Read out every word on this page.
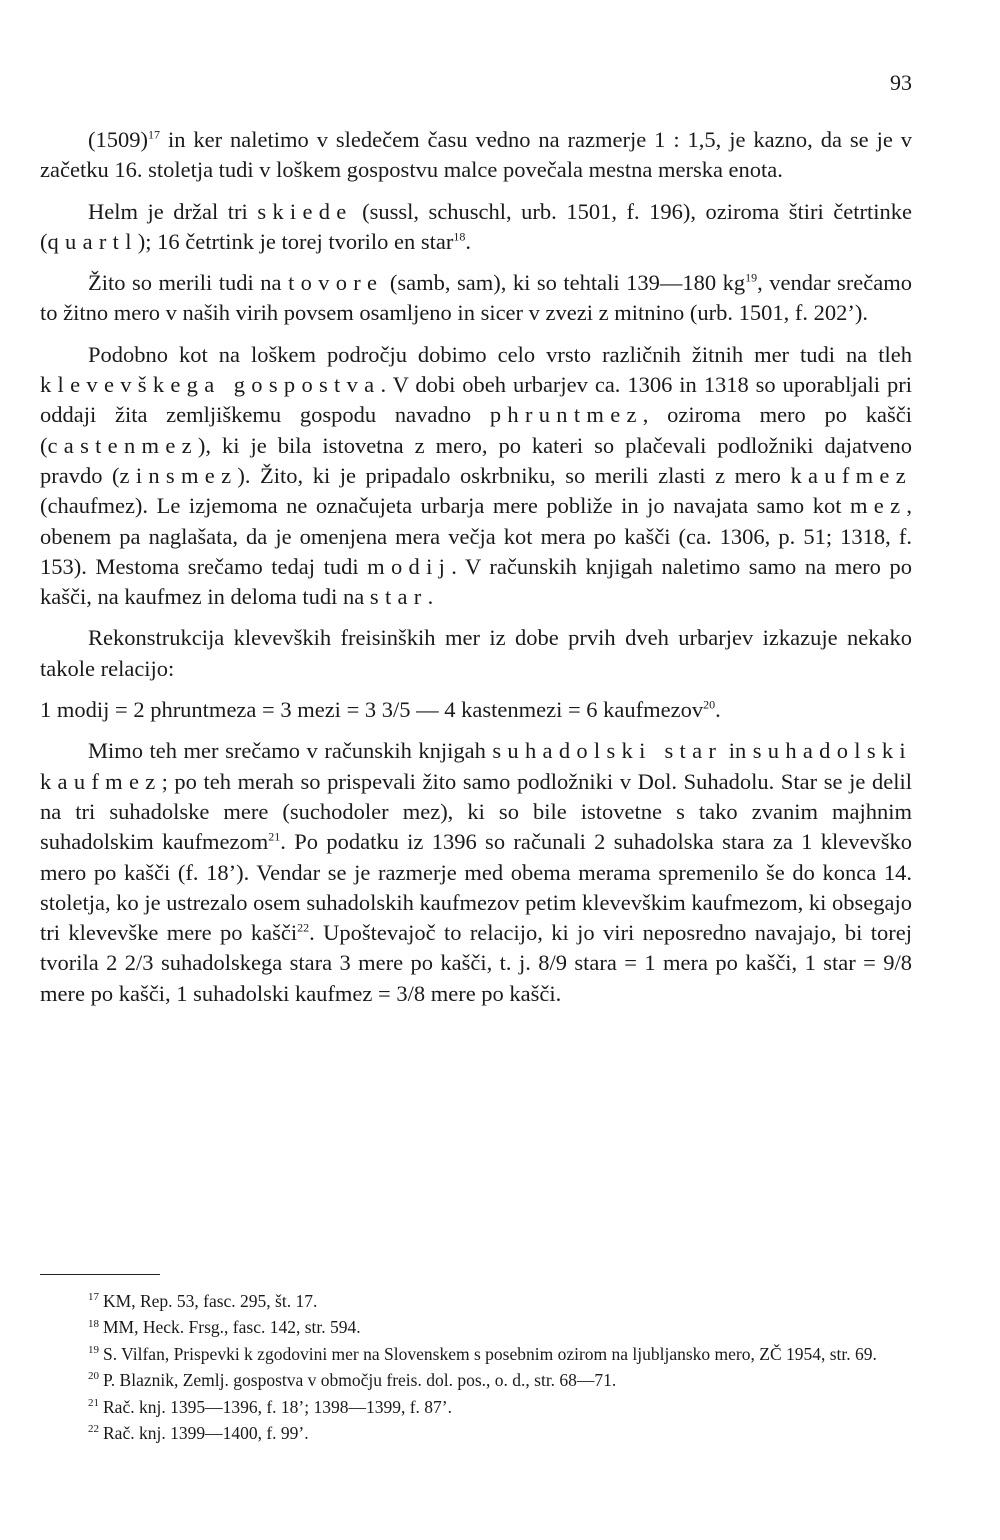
93

$(1509)^{17}$ in ker naletimo v sledečem času vedno na razmerje 1 : 1,5, je kazno, da se je v začetku 16. stoletja tudi v loškem gospostvu malce povečala mestna merska enota.

Helm je držal tri skiede (sussl, schuschl, urb. 1501, f. 196), oziroma štiri četrtinke (quartl); 16 četrtink je torej tvorilo en star$^{18}$.

Žito so merili tudi na tovore (samb, sam), ki so tehtali 139—180 $kg^{19}$, vendar srečamo to žitno mero v naših virih povsem osamljeno in sicer v zvezi z mitnino (urb. 1501, f. 202’).

Podobno kot na loškem področju dobimo celo vrsto različnih žitnih mer tudi na tleh klevevškega gospostva. V dobi obeh urbarjev ca. 1306 in 1318 so uporabljali pri oddaji žita zemljiškemu gospodu navadno phruntmez, oziroma mero po kašči (castenmez), ki je bila istovetna z mero, po kateri so plačevali podložniki dajatveno pravdo (zinsmez). Žito, ki je pripadalo oskrbniku, so merili zlasti z mero kaufmez (chaufmez). Le izjemoma ne označujeta urbarja mere pobliže in jo navajata samo kot mez, obenem pa naglašata, da je omenjena mera večja kot mera po kašči (ca. 1306, p. 51; 1318, f. 153). Mestoma srečamo tedaj tudi modij. V računskih knjigah naletimo samo na mero po kašči, na kaufmez in deloma tudi na star.

Rekonstrukcija klevevških freisinških mer iz dobe prvih dveh urbarjev izkazuje nekako takole relacijo:

1 modij = 2 phruntmeza = 3 mezi = 3 3/5 — 4 kastenmezi = 6 kaufmezov$^{20}$.

Mimo teh mer srečamo v računskih knjigah suhadolski star in suhadolski kaufmez; po teh merah so prispevali žito samo podložniki v Dol. Suhadolu. Star se je delil na tri suhadolske mere (suchodoler mez), ki so bile istovetne s tako zvanim majhnim suhadolskim kaufmezom$^{21}$. Po podatku iz 1396 so računali 2 suhadolska stara za 1 klevevško mero po kašči (f. 18’). Vendar se je razmerje med obema merama spremenilo še do konca 14. stoletja, ko je ustrezalo osem suhadolskih kaufmezov petim klevevškim kaufmezom, ki obsegajo tri klevevške mere po kašči$^{22}$. Upoštevajoč to relacijo, ki jo viri neposredno navajajo, bi torej tvorila 2 2/3 suhadolskega stara 3 mere po kašči, t. j. 8/9 stara = 1 mera po kašči, 1 star = 9/8 mere po kašči, 1 suhadolski kaufmez = 3/8 mere po kašči.

$^{17}$ KM, Rep. 53, fasc. 295, št. 17.

$^{18}$ MM, Heck. Frsg., fasc. 142, str. 594.

$^{19}$ S. Vilfan, Prispevki k zgodovini mer na Slovenskem s posebnim ozirom na ljubljansko mero, ZČ 1954, str. 69.

$^{20}$ P. Blaznik, Zemlj. gospostva v območju freis. dol. pos., o. d., str. 68—71.

$^{21}$ Rač. knj. 1395—1396, f. 18’; 1398—1399, f. 87’.

$^{22}$ Rač. knj. 1399—1400, f. 99’.
